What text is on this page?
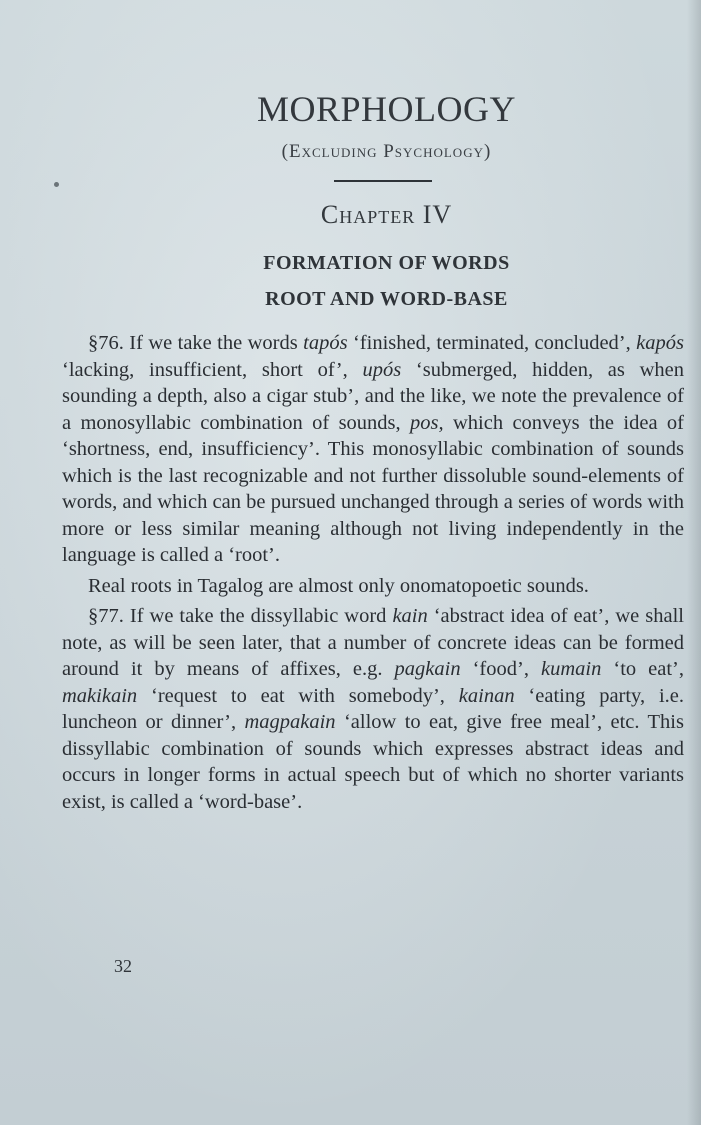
MORPHOLOGY
(Excluding Psychology)
Chapter IV
FORMATION OF WORDS
ROOT AND WORD-BASE

§76. If we take the words tapós ‘finished, terminated, concluded’, kapós ‘lacking, insufficient, short of’, upós ‘submerged, hidden, as when sounding a depth, also a cigar stub’, and the like, we note the prevalence of a monosyllabic combination of sounds, pos, which conveys the idea of ‘shortness, end, insufficiency’. This monosyllabic combination of sounds which is the last recognizable and not further dissoluble sound-elements of words, and which can be pursued unchanged through a series of words with more or less similar meaning although not living independently in the language is called a ‘root’.

Real roots in Tagalog are almost only onomatopoetic sounds.

§77. If we take the dissyllabic word kain ‘abstract idea of eat’, we shall note, as will be seen later, that a number of concrete ideas can be formed around it by means of affixes, e.g. pagkain ‘food’, kumain ‘to eat’, makikain ‘request to eat with somebody’, kainan ‘eating party, i.e. luncheon or dinner’, magpakain ‘allow to eat, give free meal’, etc. This dissyllabic combination of sounds which expresses abstract ideas and occurs in longer forms in actual speech but of which no shorter variants exist, is called a ‘word-base’.

32
